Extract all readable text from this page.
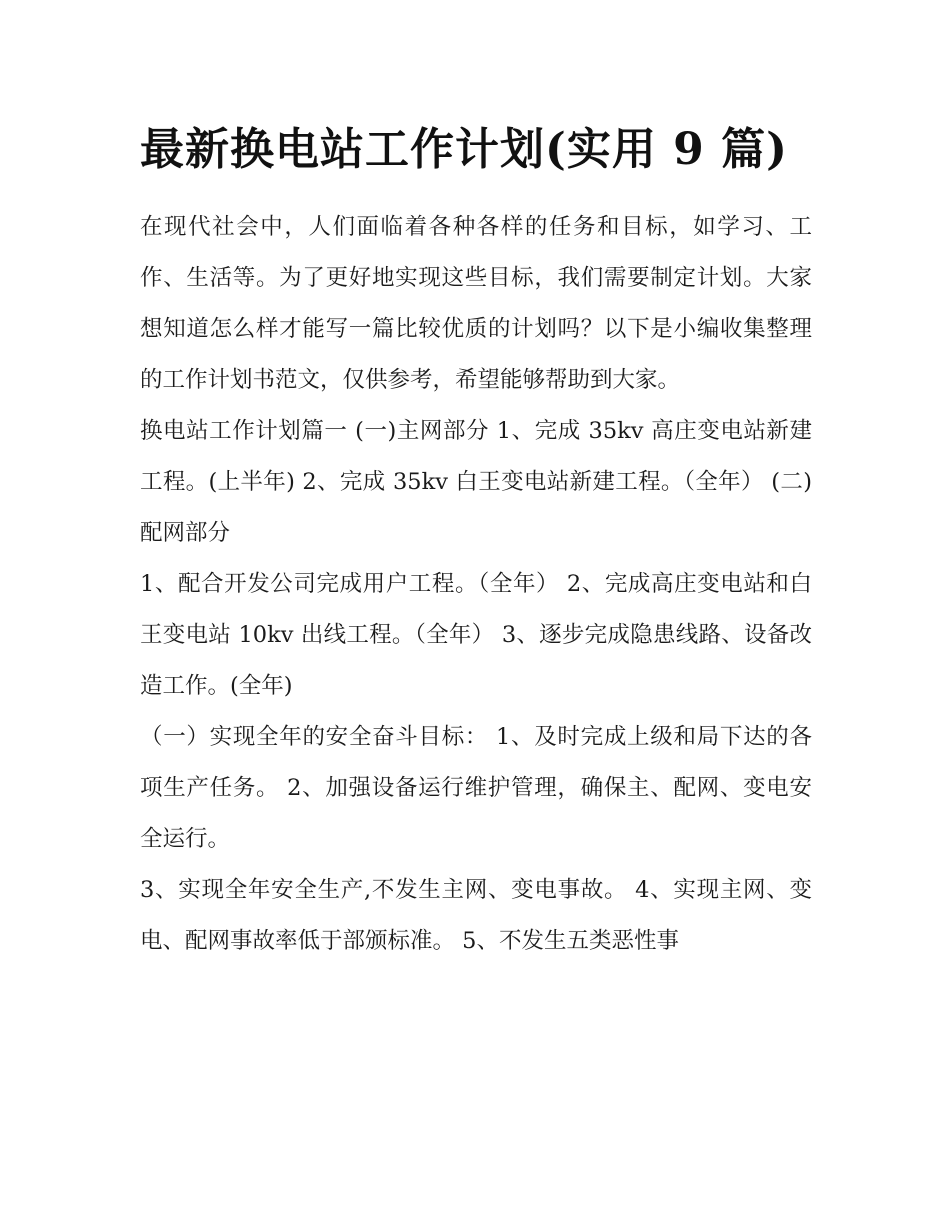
最新换电站工作计划(实用 9 篇)

在现代社会中，人们面临着各种各样的任务和目标，如学习、工作、生活等。为了更好地实现这些目标，我们需要制定计划。大家想知道怎么样才能写一篇比较优质的计划吗？以下是小编收集整理的工作计划书范文，仅供参考，希望能够帮助到大家。

换电站工作计划篇一 (一)主网部分 1、完成 35kv 高庄变电站新建工程。(上半年) 2、完成 35kv 白王变电站新建工程。（全年） (二)配网部分

1、配合开发公司完成用户工程。（全年） 2、完成高庄变电站和白王变电站 10kv 出线工程。（全年） 3、逐步完成隐患线路、设备改造工作。(全年)

（一）实现全年的安全奋斗目标： 1、及时完成上级和局下达的各项生产任务。 2、加强设备运行维护管理，确保主、配网、变电安全运行。

3、实现全年安全生产,不发生主网、变电事故。 4、实现主网、变电、配网事故率低于部颁标准。 5、不发生五类恶性事
